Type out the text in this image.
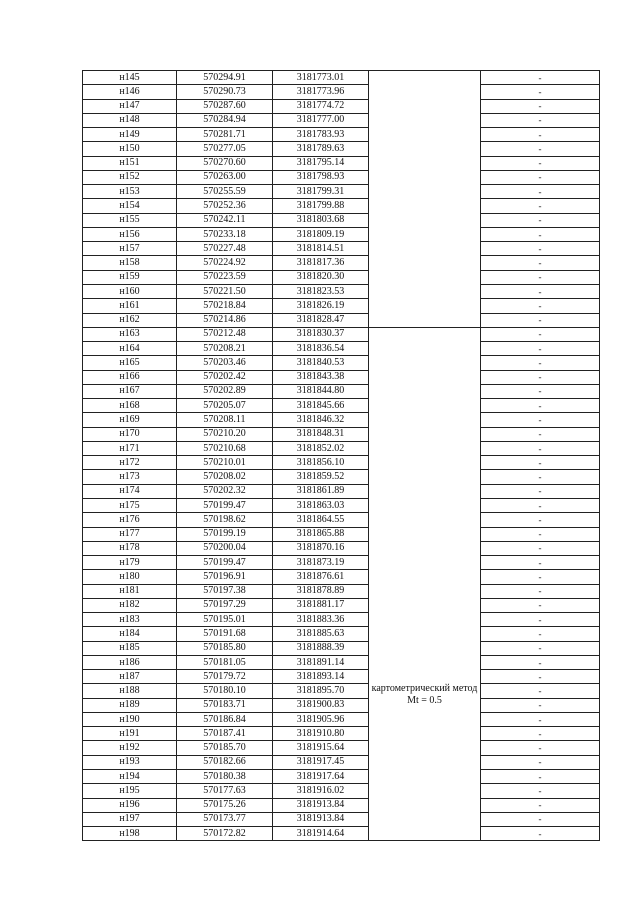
н145	570294.91	3181773.01		-
н146	570290.73	3181773.96		-
н147	570287.60	3181774.72		-
н148	570284.94	3181777.00		-
н149	570281.71	3181783.93		-
н150	570277.05	3181789.63		-
н151	570270.60	3181795.14		-
н152	570263.00	3181798.93		-
н153	570255.59	3181799.31		-
н154	570252.36	3181799.88		-
н155	570242.11	3181803.68		-
н156	570233.18	3181809.19		-
н157	570227.48	3181814.51		-
н158	570224.92	3181817.36		-
н159	570223.59	3181820.30		-
н160	570221.50	3181823.53		-
н161	570218.84	3181826.19		-
н162	570214.86	3181828.47		-
н163	570212.48	3181830.37	картометрический метод Mt = 0.5	-
н164	570208.21	3181836.54		-
н165	570203.46	3181840.53		-
н166	570202.42	3181843.38		-
н167	570202.89	3181844.80		-
н168	570205.07	3181845.66		-
н169	570208.11	3181846.32		-
н170	570210.20	3181848.31		-
н171	570210.68	3181852.02		-
н172	570210.01	3181856.10		-
н173	570208.02	3181859.52		-
н174	570202.32	3181861.89		-
н175	570199.47	3181863.03		-
н176	570198.62	3181864.55		-
н177	570199.19	3181865.88		-
н178	570200.04	3181870.16		-
н179	570199.47	3181873.19		-
н180	570196.91	3181876.61		-
н181	570197.38	3181878.89		-
н182	570197.29	3181881.17		-
н183	570195.01	3181883.36		-
н184	570191.68	3181885.63		-
н185	570185.80	3181888.39		-
н186	570181.05	3181891.14		-
н187	570179.72	3181893.14		-
н188	570180.10	3181895.70		-
н189	570183.71	3181900.83		-
н190	570186.84	3181905.96		-
н191	570187.41	3181910.80		-
н192	570185.70	3181915.64		-
н193	570182.66	3181917.45		-
н194	570180.38	3181917.64		-
н195	570177.63	3181916.02		-
н196	570175.26	3181913.84		-
н197	570173.77	3181913.84		-
н198	570172.82	3181914.64		-
